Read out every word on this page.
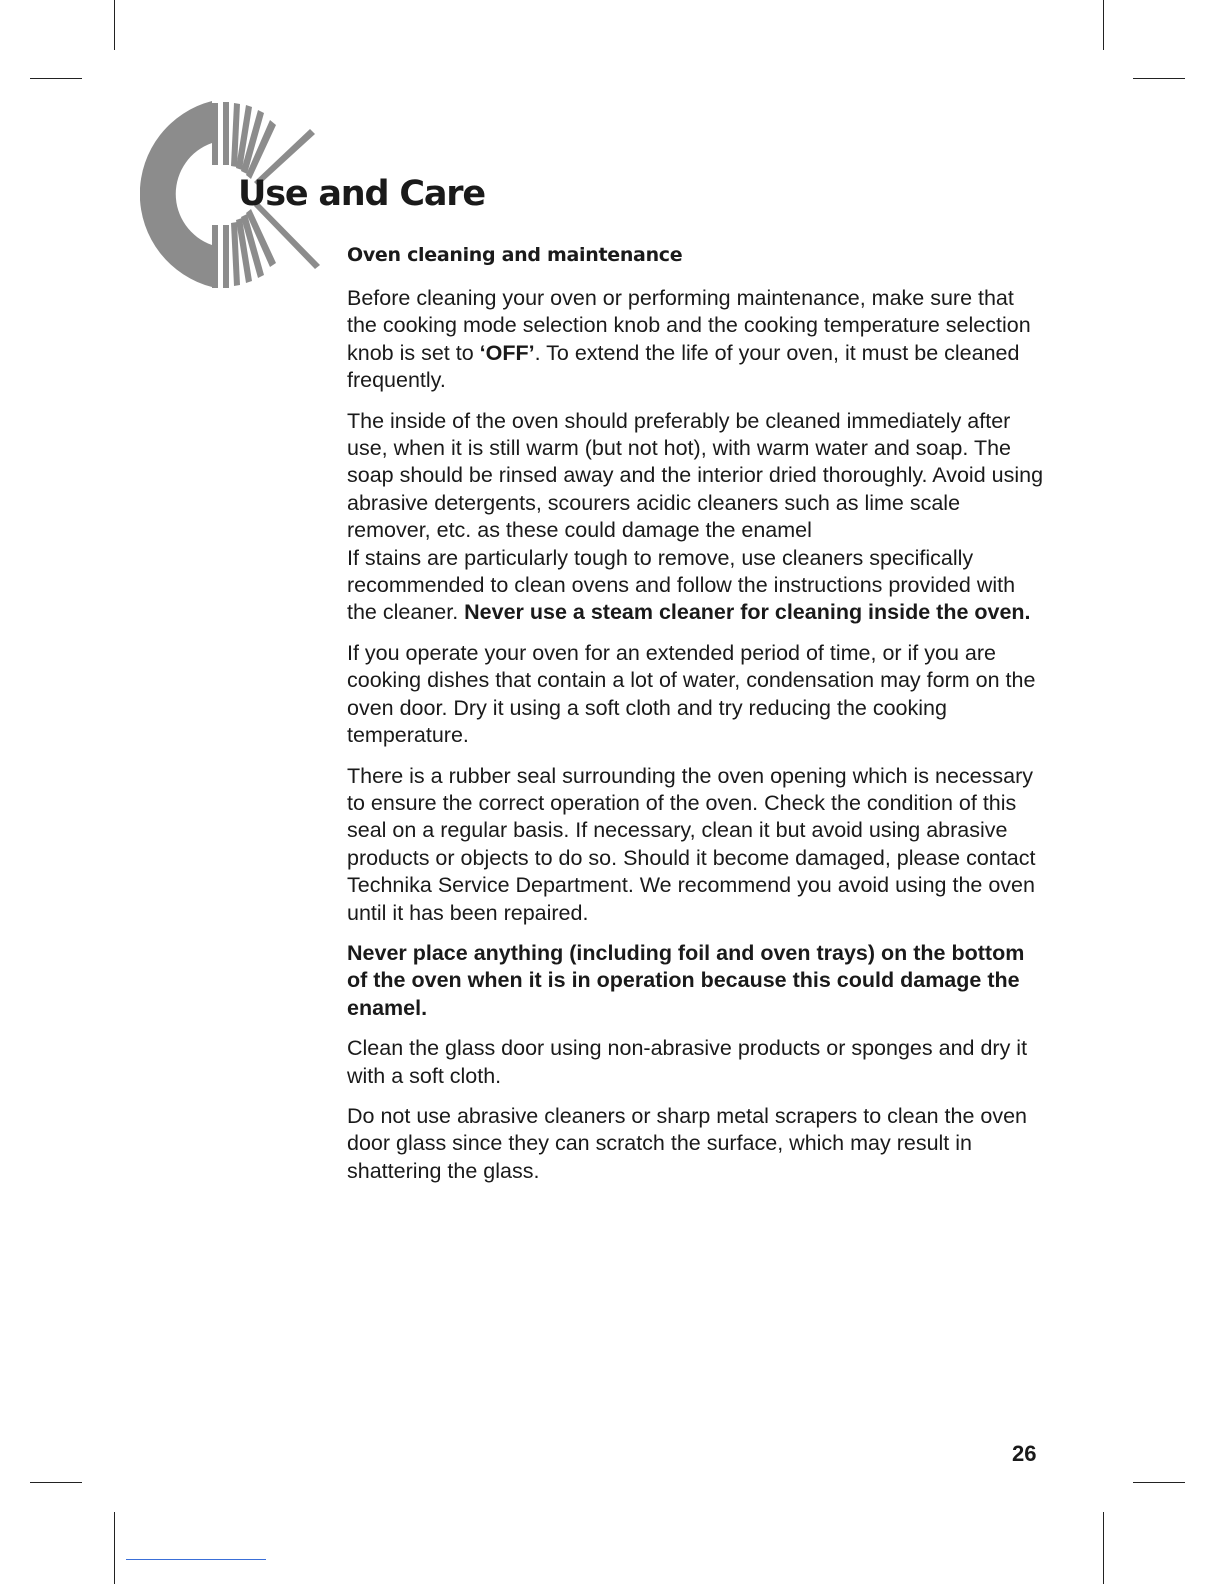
Use and Care
Oven cleaning and maintenance

Before cleaning your oven or performing maintenance, make sure that the cooking mode selection knob and the cooking temperature selection knob is set to ‘OFF’. To extend the life of your oven, it must be cleaned frequently.

The inside of the oven should preferably be cleaned immediately after use, when it is still warm (but not hot), with warm water and soap. The soap should be rinsed away and the interior dried thoroughly. Avoid using abrasive detergents, scourers acidic cleaners such as lime scale remover, etc. as these could damage the enamel

If stains are particularly tough to remove, use cleaners specifically recommended to clean ovens and follow the instructions provided with the cleaner. Never use a steam cleaner for cleaning inside the oven.

If you operate your oven for an extended period of time, or if you are cooking dishes that contain a lot of water, condensation may form on the oven door. Dry it using a soft cloth and try reducing the cooking temperature.

There is a rubber seal surrounding the oven opening which is necessary to ensure the correct operation of the oven. Check the condition of this seal on a regular basis. If necessary, clean it but avoid using abrasive products or objects to do so. Should it become damaged, please contact Technika Service Department. We recommend you avoid using the oven until it has been repaired.

Never place anything (including foil and oven trays) on the bottom of the oven when it is in operation because this could damage the enamel.

Clean the glass door using non-abrasive products or sponges and dry it with a soft cloth.

Do not use abrasive cleaners or sharp metal scrapers to clean the oven door glass since they can scratch the surface, which may result in shattering the glass.

26
